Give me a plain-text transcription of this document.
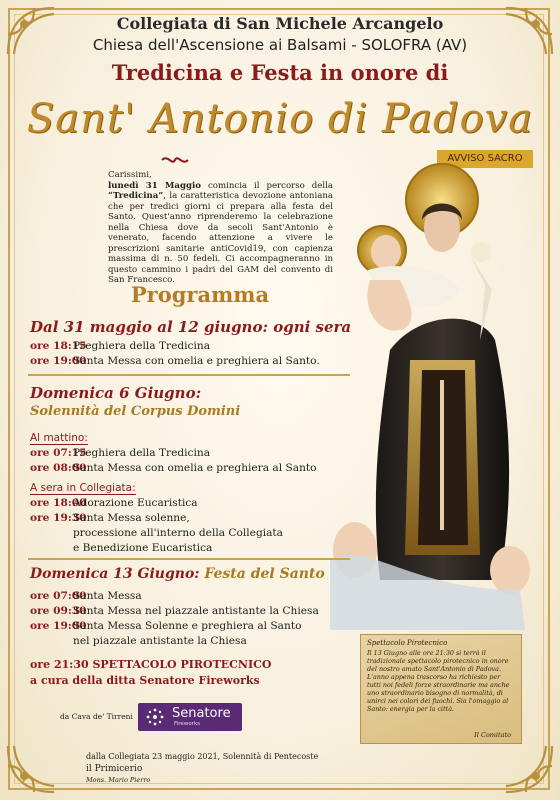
Collegiata di San Michele Arcangelo
Chiesa dell'Ascensione ai Balsami - SOLOFRA (AV)
Tredicina e Festa in onore di
Sant' Antonio di Padova
AVVISO SACRO

Carissimi,

lunedì 31 Maggio comincia il percorso della “Tredicina”, la caratteristica devozione antoniana che per tredici giorni ci prepara alla festa del Santo. Quest'anno riprenderemo la celebrazione nella Chiesa dove da secoli Sant'Antonio è venerato, facendo attenzione a vivere le prescrizioni sanitarie antiCovid19, con capienza massima di n. 50 fedeli. Ci accompagneranno in questo cammino i padri del GAM del convento di San Francesco.

Programma
Dal 31 maggio al 12 giugno: ogni sera
ore 18:15Preghiera della Tredicina
ore 19:00Santa Messa con omelia e preghiera al Santo.
Domenica 6 Giugno:
Solennità del Corpus Domini
Al mattino:
ore 07:15Preghiera della Tredicina
ore 08:00Santa Messa con omelia e preghiera al Santo
A sera in Collegiata:
ore 18:00Adorazione Eucaristica
ore 19:30Santa Messa solenne,
processione all'interno della Collegiata
e Benedizione Eucaristica
Domenica 13 Giugno: Festa del Santo
ore 07:00Santa Messa
ore 09:30Santa Messa nel piazzale antistante la Chiesa
ore 19:00Santa Messa Solenne e preghiera al Santo
nel piazzale antistante la Chiesa
ore 21:30 SPETTACOLO PIROTECNICO
a cura della ditta Senatore Fireworks
da Cava de' Tirreni	Senatore
Fireworks
Spettacolo Pirotecnico
Il 13 Giugno alle ore 21:30 si terrà il tradizionale spettacolo pirotecnico in onore del nostro amato Sant'Antonio di Padova. L'anno appena trascorso ha richiesto per tutti noi fedeli forze straordinarie ma anche uno straordinario bisogno di normalità, di unirci nei colori dei fuochi. Sia l'omaggio al Santo: energia per la città.
Il Comitato
dalla Collegiata 23 maggio 2021, Solennità di Pentecoste
il Primicerio
Mons. Mario Pierro
